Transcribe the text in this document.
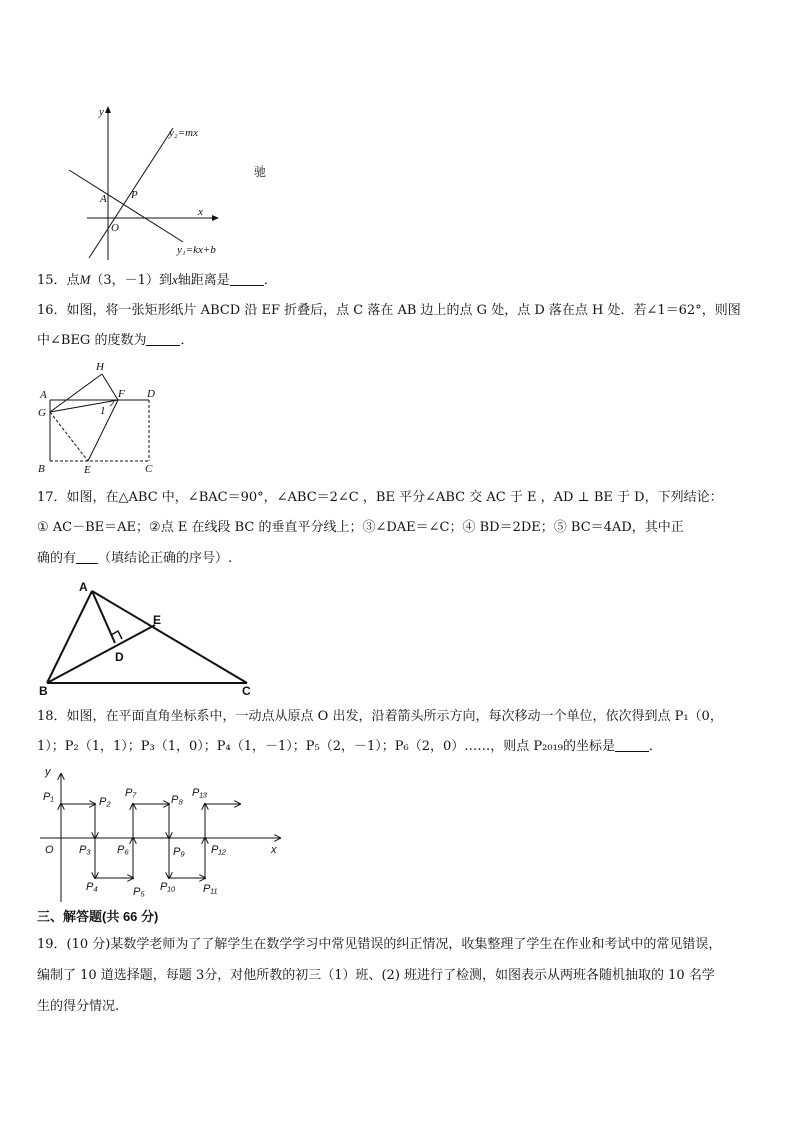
y
x
O
A P
y₂=mx
y₁=kx+b
驰
15．点M（3，－1）到x轴距离是	．
16．如图，将一张矩形纸片 ABCD 沿 EF 折叠后，点 C 落在 AB 边上的点 G 处，点 D 落在点 H 处．若∠1＝62°，则图
中∠BEG 的度数为	．
H
A	F D
G	1
B	E	C
17．如图，在△ABC 中，∠BAC＝90°，∠ABC＝2∠C ，BE 平分∠ABC 交 AC 于 E ，AD ⊥ BE 于 D，下列结论：
① AC－BE＝AE；②点 E 在线段 BC 的垂直平分线上；③∠DAE＝∠C；④ BD＝2DE；⑤ BC＝4AD，其中正
确的有 （填结论正确的序号）.
A
E
D
B	C
18．如图，在平面直角坐标系中，一动点从原点 O 出发，沿着箭头所示方向，每次移动一个单位，依次得到点 P₁（0，
1）；P₂（1，1）；P₃（1，0）；P₄（1，－1）；P₅（2，－1）；P₆（2，0）……，则点 P₂₀₁₉的坐标是	．
y
x
O
P₁	P₂
P₃
P₄	P₅
P₆
P₇
P₈
P₉
P₁₀	P₁₁
P₁₂
P₁₃
三、解答题(共 66 分)
19．(10 分)某数学老师为了了解学生在数学学习中常见错误的纠正情况，收集整理了学生在作业和考试中的常见错误，
编制了 10 道选择题，每题 3分，对他所教的初三（1）班、(2) 班进行了检测，如图表示从两班各随机抽取的 10 名学
生的得分情况.
